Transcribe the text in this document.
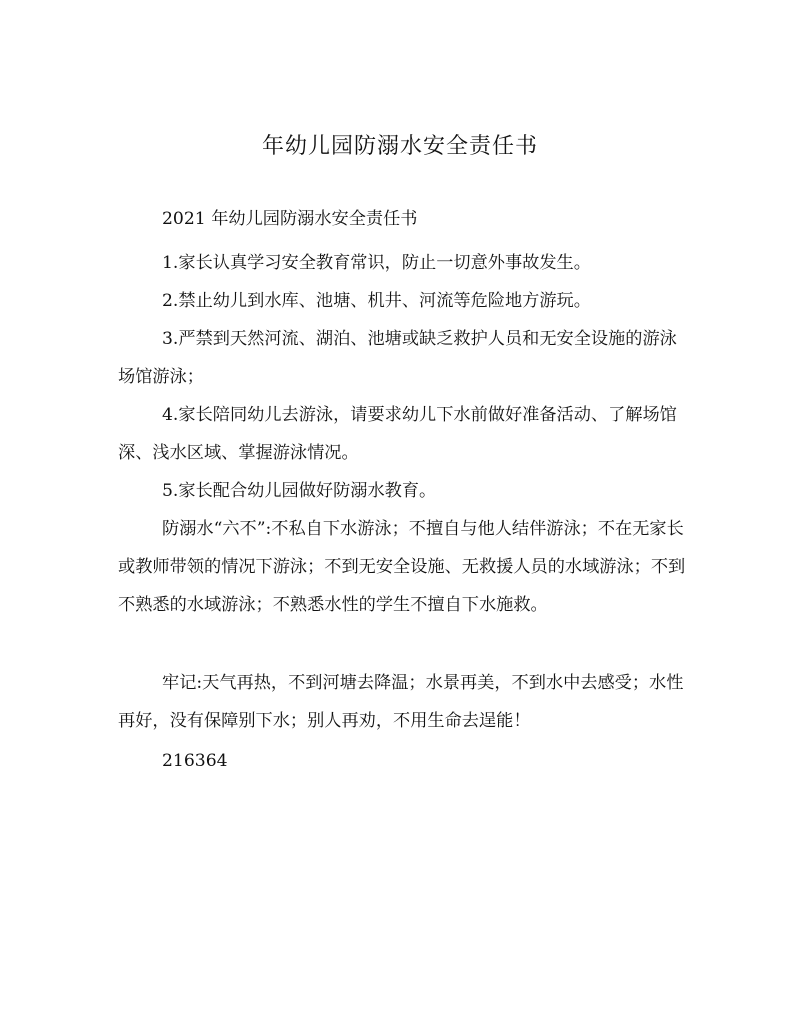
年幼儿园防溺水安全责任书
2021 年幼儿园防溺水安全责任书
1.家长认真学习安全教育常识，防止一切意外事故发生。
2.禁止幼儿到水库、池塘、机井、河流等危险地方游玩。
3.严禁到天然河流、湖泊、池塘或缺乏救护人员和无安全设施的游泳场馆游泳；
4.家长陪同幼儿去游泳，请要求幼儿下水前做好准备活动、了解场馆深、浅水区域、掌握游泳情况。
5.家长配合幼儿园做好防溺水教育。
防溺水“六不”:不私自下水游泳；不擅自与他人结伴游泳；不在无家长或教师带领的情况下游泳；不到无安全设施、无救援人员的水域游泳；不到不熟悉的水域游泳；不熟悉水性的学生不擅自下水施救。
牢记:天气再热，不到河塘去降温；水景再美，不到水中去感受；水性再好，没有保障别下水；别人再劝，不用生命去逞能！
216364
